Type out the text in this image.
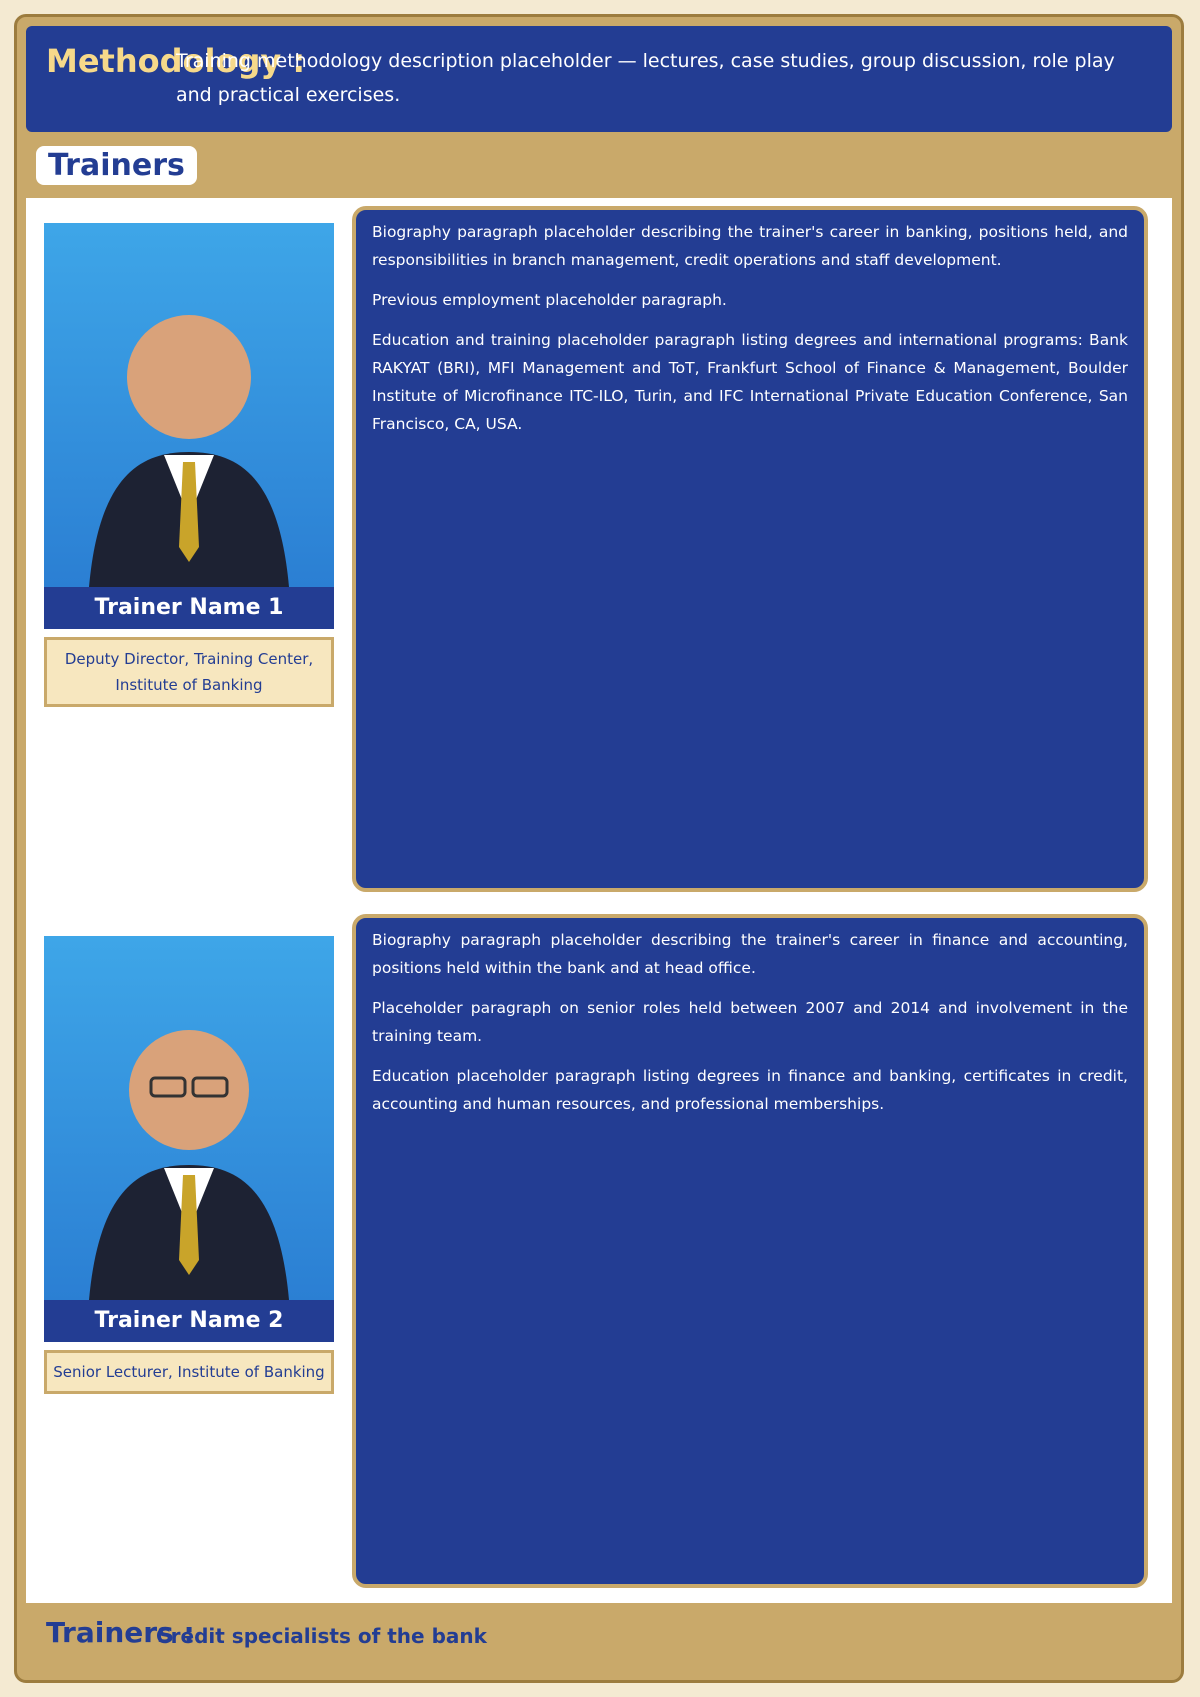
Methodology :
Training methodology description placeholder — lectures, case studies, group discussion, role play and practical exercises.
Trainers
Trainer Name 1
Deputy Director, Training Center, Institute of Banking

Biography paragraph placeholder describing the trainer's career in banking, positions held, and responsibilities in branch management, credit operations and staff development.

Previous employment placeholder paragraph.

Education and training placeholder paragraph listing degrees and international programs: Bank RAKYAT (BRI), MFI Management and ToT, Frankfurt School of Finance & Management, Boulder Institute of Microfinance ITC-ILO, Turin, and IFC International Private Education Conference, San Francisco, CA, USA.

Trainer Name 2
Senior Lecturer, Institute of Banking

Biography paragraph placeholder describing the trainer's career in finance and accounting, positions held within the bank and at head office.

Placeholder paragraph on senior roles held between 2007 and 2014 and involvement in the training team.

Education placeholder paragraph listing degrees in finance and banking, certificates in credit, accounting and human resources, and professional memberships.

Trainers :
Credit specialists of the bank
